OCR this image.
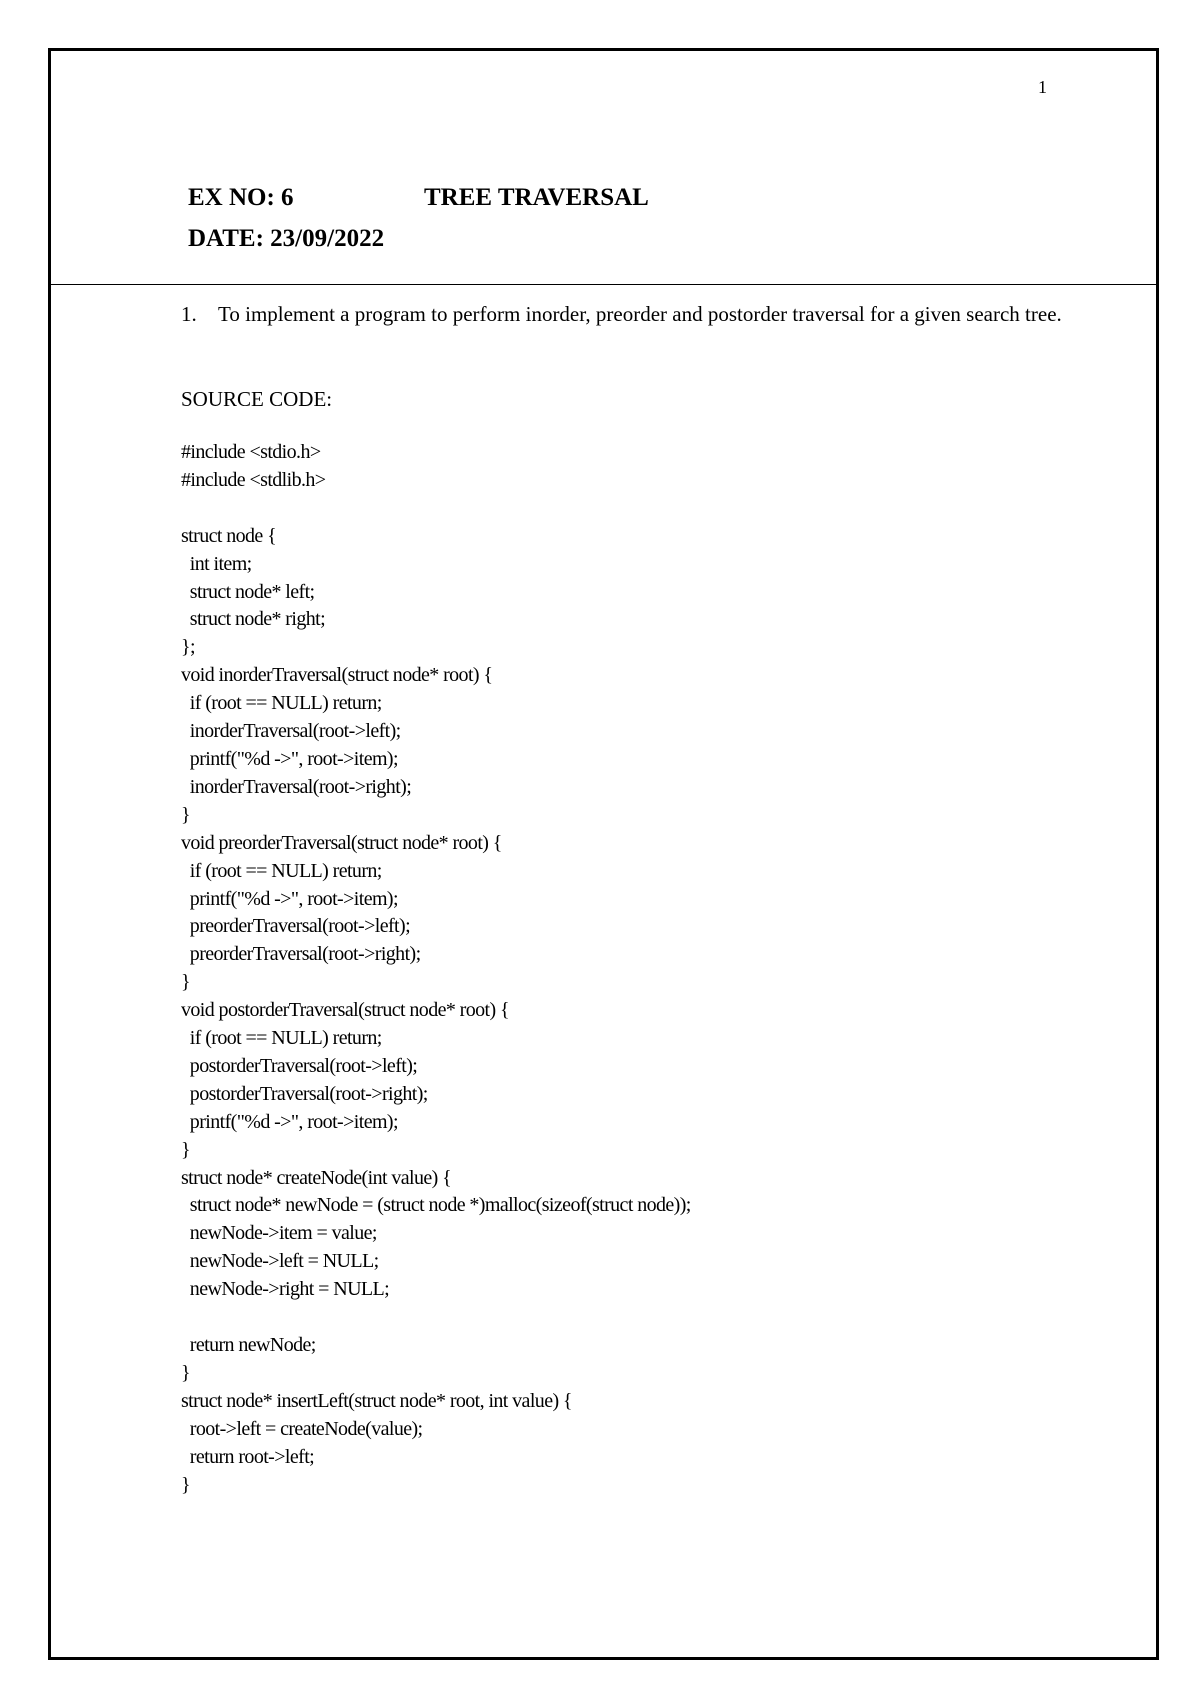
1
EX NO: 6	TREE TRAVERSAL
DATE: 23/09/2022
1. To implement a program to perform inorder, preorder and postorder traversal for a given search tree.
SOURCE CODE:
#include <stdio.h>
#include <stdlib.h>

struct node {
int item;
struct node* left;
struct node* right;
};
void inorderTraversal(struct node* root) {
if (root == NULL) return;
inorderTraversal(root->left);
printf("%d ->", root->item);
inorderTraversal(root->right);
}
void preorderTraversal(struct node* root) {
if (root == NULL) return;
printf("%d ->", root->item);
preorderTraversal(root->left);
preorderTraversal(root->right);
}
void postorderTraversal(struct node* root) {
if (root == NULL) return;
postorderTraversal(root->left);
postorderTraversal(root->right);
printf("%d ->", root->item);
}
struct node* createNode(int value) {
struct node* newNode = (struct node *)malloc(sizeof(struct node));
newNode->item = value;
newNode->left = NULL;
newNode->right = NULL;

return newNode;
}
struct node* insertLeft(struct node* root, int value) {
root->left = createNode(value);
return root->left;
}
